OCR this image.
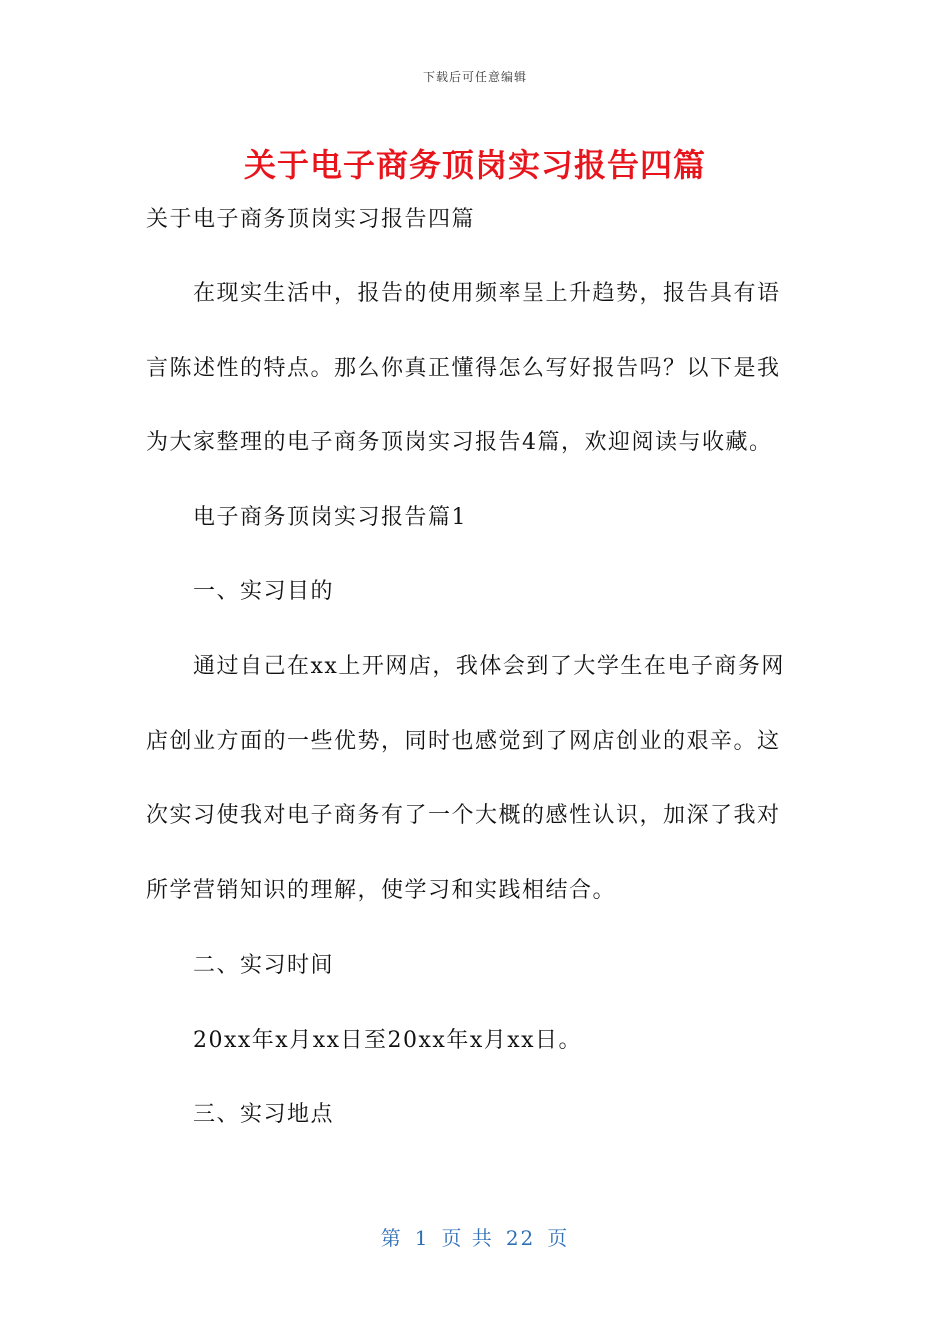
下载后可任意编辑
关于电子商务顶岗实习报告四篇
关于电子商务顶岗实习报告四篇

在现实生活中，报告的使用频率呈上升趋势，报告具有语言陈述性的特点。那么你真正懂得怎么写好报告吗？以下是我为大家整理的电子商务顶岗实习报告4篇，欢迎阅读与收藏。

电子商务顶岗实习报告篇1
一、实习目的

通过自己在xx上开网店，我体会到了大学生在电子商务网店创业方面的一些优势，同时也感觉到了网店创业的艰辛。这次实习使我对电子商务有了一个大概的感性认识，加深了我对所学营销知识的理解，使学习和实践相结合。

二、实习时间
20xx年x月xx日至20xx年x月xx日。
三、实习地点
第 1 页 共 22 页
